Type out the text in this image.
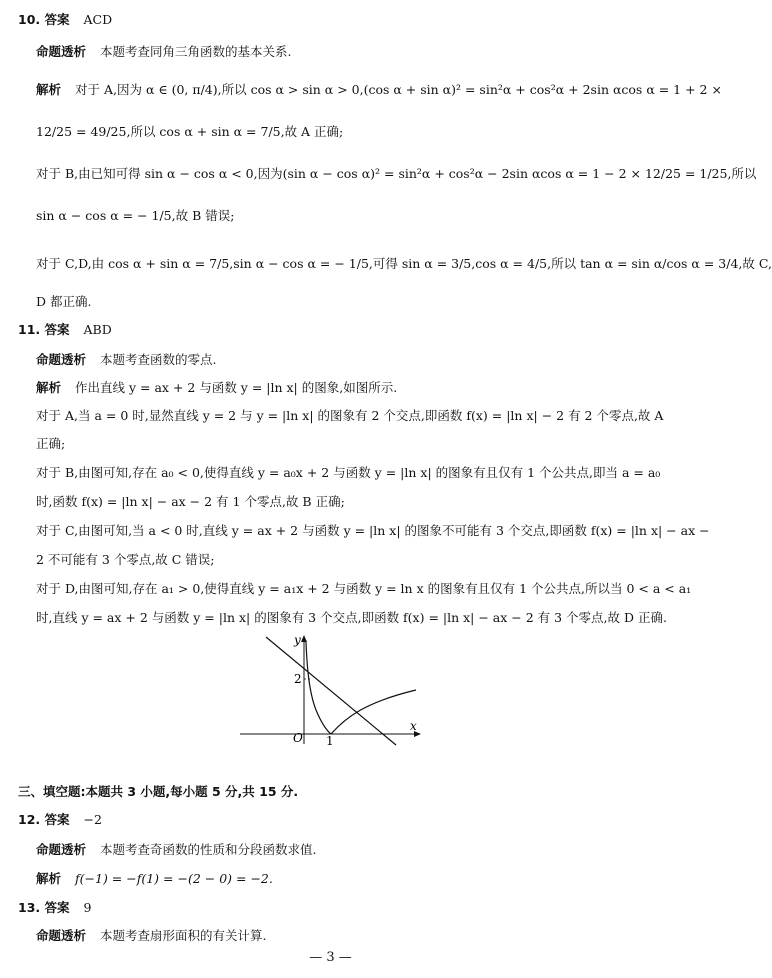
10. 答案 ACD
命题透析 本题考查同角三角函数的基本关系.
解析 对于 A,因为 α ∈ (0, π/4),所以 cos α > sin α > 0,(cos α + sin α)² = sin²α + cos²α + 2sin αcos α = 1 + 2 ×
12/25 = 49/25,所以 cos α + sin α = 7/5,故 A 正确;
对于 B,由已知可得 sin α − cos α < 0,因为(sin α − cos α)² = sin²α + cos²α − 2sin αcos α = 1 − 2 × 12/25 = 1/25,所以
sin α − cos α = − 1/5,故 B 错误;
对于 C,D,由 cos α + sin α = 7/5,sin α − cos α = − 1/5,可得 sin α = 3/5,cos α = 4/5,所以 tan α = sin α/cos α = 3/4,故 C,
D 都正确.
11. 答案 ABD
命题透析 本题考查函数的零点.
解析 作出直线 y = ax + 2 与函数 y = |ln x| 的图象,如图所示.
对于 A,当 a = 0 时,显然直线 y = 2 与 y = |ln x| 的图象有 2 个交点,即函数 f(x) = |ln x| − 2 有 2 个零点,故 A
正确;
对于 B,由图可知,存在 a₀ < 0,使得直线 y = a₀x + 2 与函数 y = |ln x| 的图象有且仅有 1 个公共点,即当 a = a₀
时,函数 f(x) = |ln x| − ax − 2 有 1 个零点,故 B 正确;
对于 C,由图可知,当 a < 0 时,直线 y = ax + 2 与函数 y = |ln x| 的图象不可能有 3 个交点,即函数 f(x) = |ln x| − ax −
2 不可能有 3 个零点,故 C 错误;
对于 D,由图可知,存在 a₁ > 0,使得直线 y = a₁x + 2 与函数 y = ln x 的图象有且仅有 1 个公共点,所以当 0 < a < a₁
时,直线 y = ax + 2 与函数 y = |ln x| 的图象有 3 个交点,即函数 f(x) = |ln x| − ax − 2 有 3 个零点,故 D 正确.
y
x
O
2
1
三、填空题:本题共 3 小题,每小题 5 分,共 15 分.
12. 答案 −2
命题透析 本题考查奇函数的性质和分段函数求值.
解析 f(−1) = −f(1) = −(2 − 0) = −2.
13. 答案 9
命题透析 本题考查扇形面积的有关计算.
— 3 —
